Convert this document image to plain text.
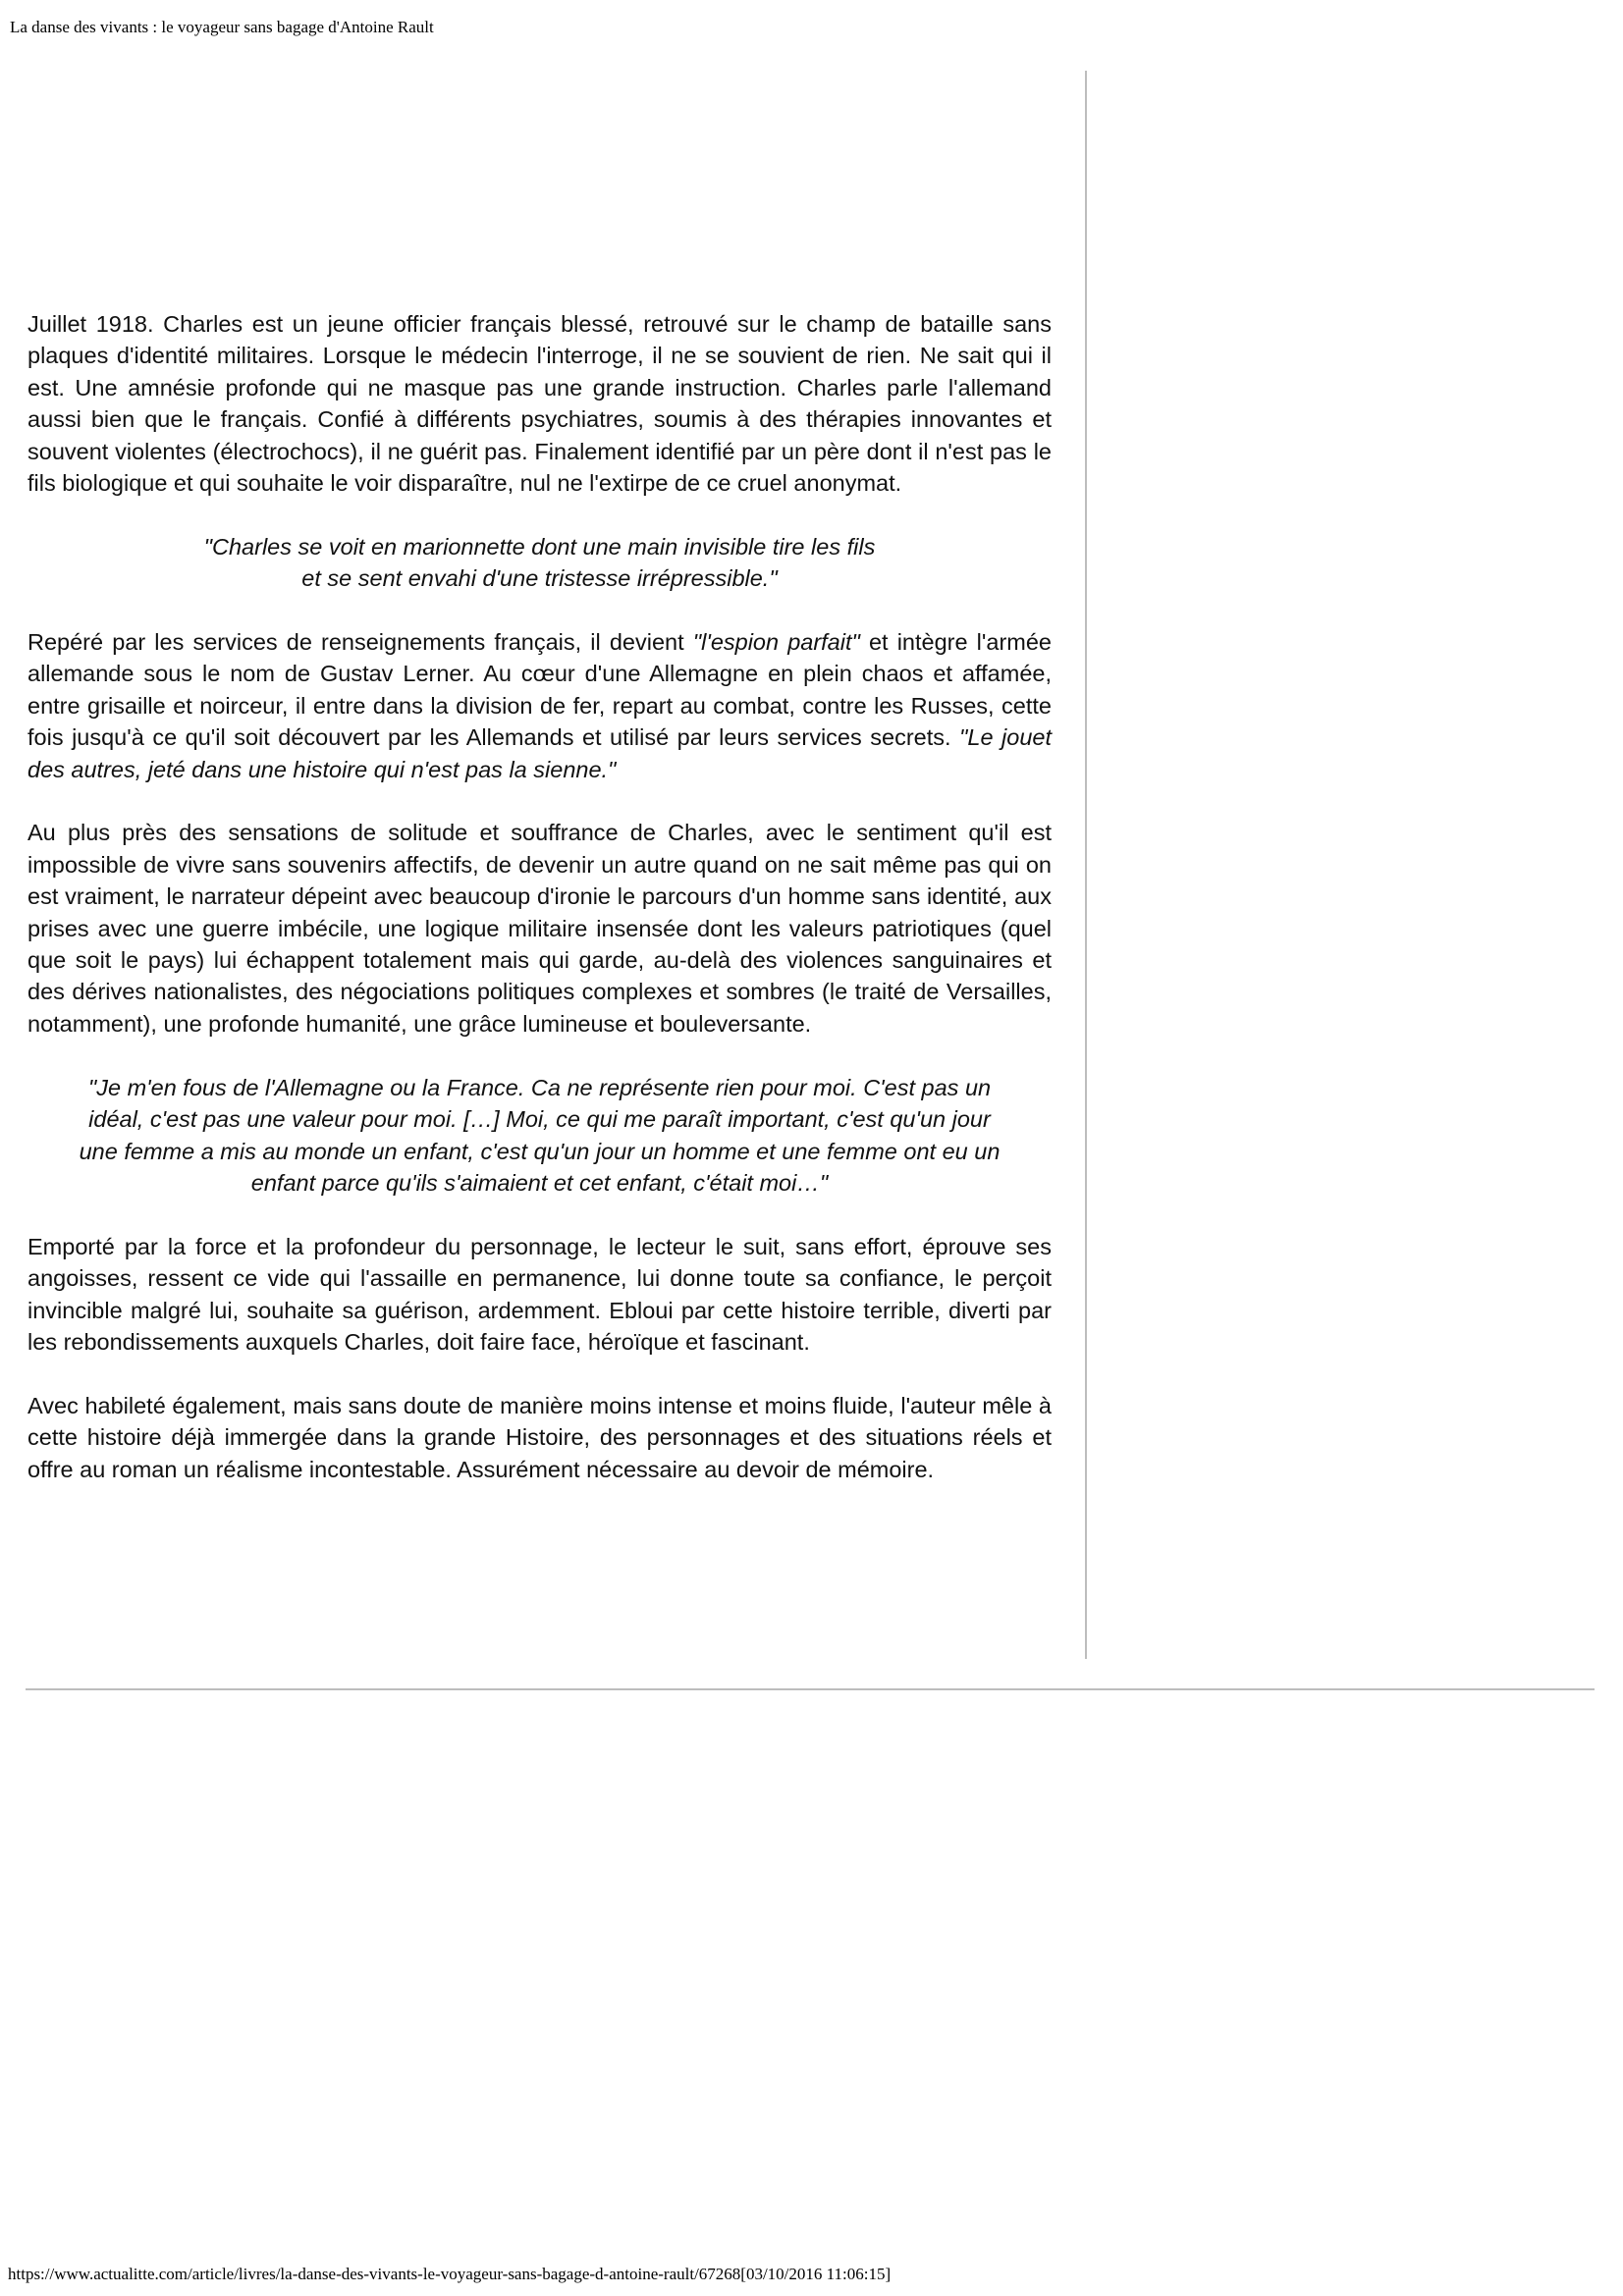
La danse des vivants : le voyageur sans bagage d'Antoine Rault

Juillet 1918. Charles est un jeune officier français blessé, retrouvé sur le champ de bataille sans plaques d'identité militaires. Lorsque le médecin l'interroge, il ne se souvient de rien. Ne sait qui il est. Une amnésie profonde qui ne masque pas une grande instruction. Charles parle l'allemand aussi bien que le français. Confié à différents psychiatres, soumis à des thérapies innovantes et souvent violentes (électrochocs), il ne guérit pas. Finalement identifié par un père dont il n'est pas le fils biologique et qui souhaite le voir disparaître, nul ne l'extirpe de ce cruel anonymat.

"Charles se voit en marionnette dont une main invisible tire les fils
et se sent envahi d'une tristesse irrépressible."

Repéré par les services de renseignements français, il devient "l'espion parfait" et intègre l'armée allemande sous le nom de Gustav Lerner. Au cœur d'une Allemagne en plein chaos et affamée, entre grisaille et noirceur, il entre dans la division de fer, repart au combat, contre les Russes, cette fois jusqu'à ce qu'il soit découvert par les Allemands et utilisé par leurs services secrets. "Le jouet des autres, jeté dans une histoire qui n'est pas la sienne."

Au plus près des sensations de solitude et souffrance de Charles, avec le sentiment qu'il est impossible de vivre sans souvenirs affectifs, de devenir un autre quand on ne sait même pas qui on est vraiment, le narrateur dépeint avec beaucoup d'ironie le parcours d'un homme sans identité, aux prises avec une guerre imbécile, une logique militaire insensée dont les valeurs patriotiques (quel que soit le pays) lui échappent totalement mais qui garde, au-delà des violences sanguinaires et des dérives nationalistes, des négociations politiques complexes et sombres (le traité de Versailles, notamment), une profonde humanité, une grâce lumineuse et bouleversante.

"Je m'en fous de l'Allemagne ou la France. Ca ne représente rien pour moi. C'est pas un
idéal, c'est pas une valeur pour moi. […] Moi, ce qui me paraît important, c'est qu'un jour
une femme a mis au monde un enfant, c'est qu'un jour un homme et une femme ont eu un
enfant parce qu'ils s'aimaient et cet enfant, c'était moi…"

Emporté par la force et la profondeur du personnage, le lecteur le suit, sans effort, éprouve ses angoisses, ressent ce vide qui l'assaille en permanence, lui donne toute sa confiance, le perçoit invincible malgré lui, souhaite sa guérison, ardemment. Ebloui par cette histoire terrible, diverti par les rebondissements auxquels Charles, doit faire face, héroïque et fascinant.

Avec habileté également, mais sans doute de manière moins intense et moins fluide, l'auteur mêle à cette histoire déjà immergée dans la grande Histoire, des personnages et des situations réels et offre au roman un réalisme incontestable. Assurément nécessaire au devoir de mémoire.

https://www.actualitte.com/article/livres/la-danse-des-vivants-le-voyageur-sans-bagage-d-antoine-rault/67268[03/10/2016 11:06:15]
